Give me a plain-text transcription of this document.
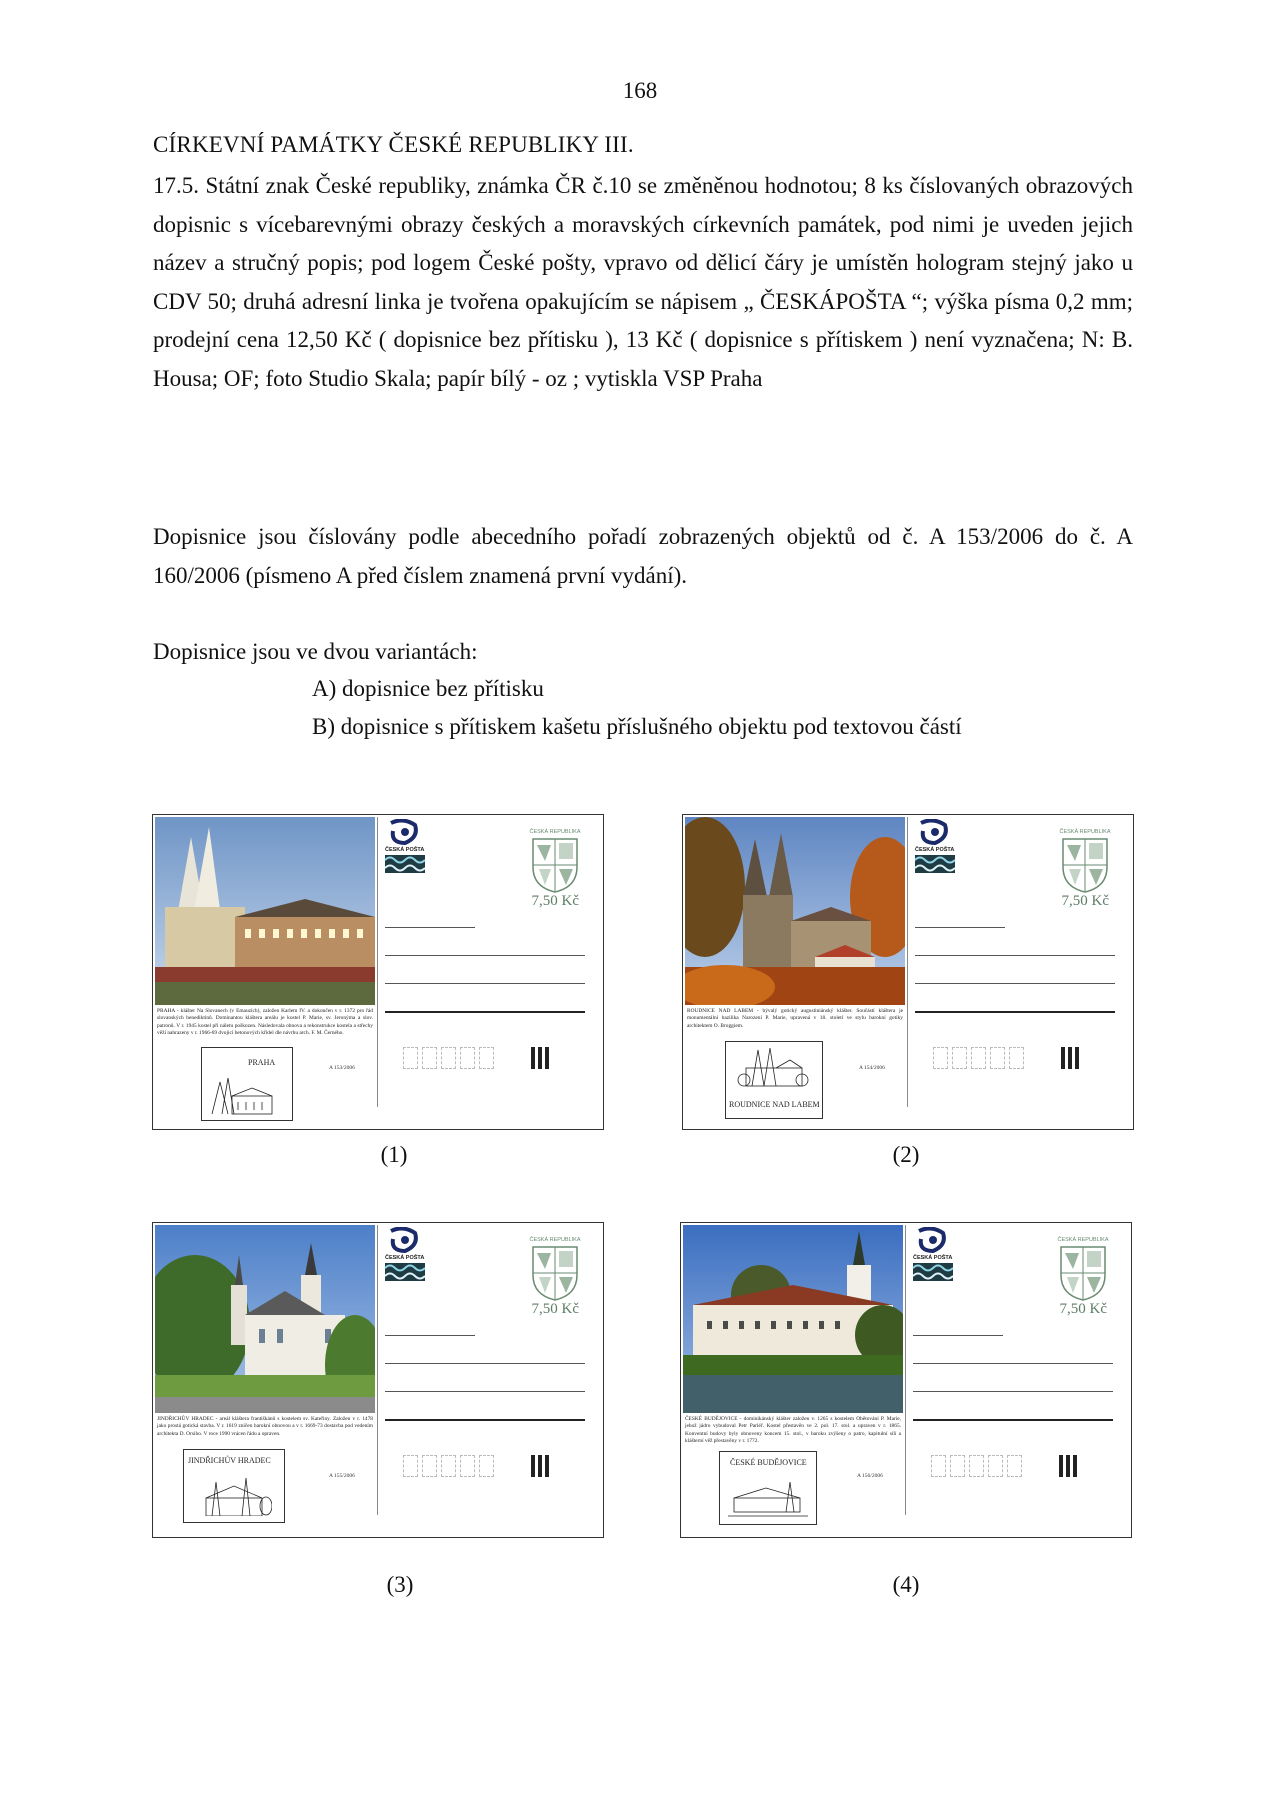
168
CÍRKEVNÍ PAMÁTKY ČESKÉ REPUBLIKY III.
17.5. Státní znak České republiky, známka ČR č.10 se změněnou hodnotou; 8 ks číslovaných obrazových dopisnic s vícebarevnými obrazy českých a moravských církevních památek, pod nimi je uveden jejich název a stručný popis; pod logem České pošty, vpravo od dělicí čáry je umístěn hologram stejný jako u CDV 50; druhá adresní linka je tvořena opakujícím se nápisem „ ČESKÁPOŠTA “; výška písma 0,2 mm; prodejní cena 12,50 Kč ( dopisnice bez přítisku ), 13 Kč ( dopisnice s přítiskem ) není vyznačena; N: B. Housa; OF; foto Studio Skala; papír bílý - oz ; vytiskla VSP Praha
Dopisnice jsou číslovány podle abecedního pořadí zobrazených objektů od č. A 153/2006 do č. A 160/2006 (písmeno A před číslem znamená první vydání).
Dopisnice jsou ve dvou variantách:
A) dopisnice bez přítisku
B) dopisnice s přítiskem kašetu příslušného objektu pod textovou částí
PRAHA - klášter Na Slovanech (v Emauzích), založen Karlem IV. a dokončen v r. 1372 pro řád slovanských benediktinů. Dominantou kláštera areálu je kostel P. Marie, sv. Jeronýma a slov. patronů. V r. 1945 kostel při náletu poškozen. Následovala obnova a rekonstrukce kostela a střechy věží nahrazeny v r. 1966-69 dvojicí betonových křídel dle návrhu arch. F. M. Černého.
PRAHA
A 153/2006
ČESKÁ POŠTA
ČESKÁ REPUBLIKA
7,50 Kč
(1)
ROUDNICE NAD LABEM - bývalý gotický augustiniánský klášter. Součástí kláštera je monumentální bazilika Narození P. Marie, upravená v 18. století ve stylu barokní gotiky architektem O. Broggiem.
ROUDNICE NAD LABEM
A 154/2006
ČESKÁ POŠTA
ČESKÁ REPUBLIKA
7,50 Kč
(2)
JINDŘICHŮV HRADEC - areál kláštera františkánů s kostelem sv. Kateřiny. Založen v r. 1478 jako prostá gotická stavba. V r. 1619 zničen barokní obnovou a v r. 1669-73 dostavba pod vedením architekta D. Orsiho. V roce 1990 vrácen řádu a opraven.
JINDŘICHŮV HRADEC
A 155/2006
ČESKÁ POŠTA
ČESKÁ REPUBLIKA
7,50 Kč
(3)
ČESKÉ BUDĚJOVICE - dominikánský klášter založen v. 1265 s kostelem Obětování P. Marie, jehož jádro vybudoval Petr Parléř. Kostel přestavěn ve 2. pol. 17. stol. a upraven v r. 1865. Konventní budovy byly obnoveny koncem 15. stol., v baroku zvýšeny o patro, kapitulní síň a klášterní věž přestavěny v r. 1772.
ČESKÉ BUDĚJOVICE
A 156/2006
ČESKÁ POŠTA
ČESKÁ REPUBLIKA
7,50 Kč
(4)
